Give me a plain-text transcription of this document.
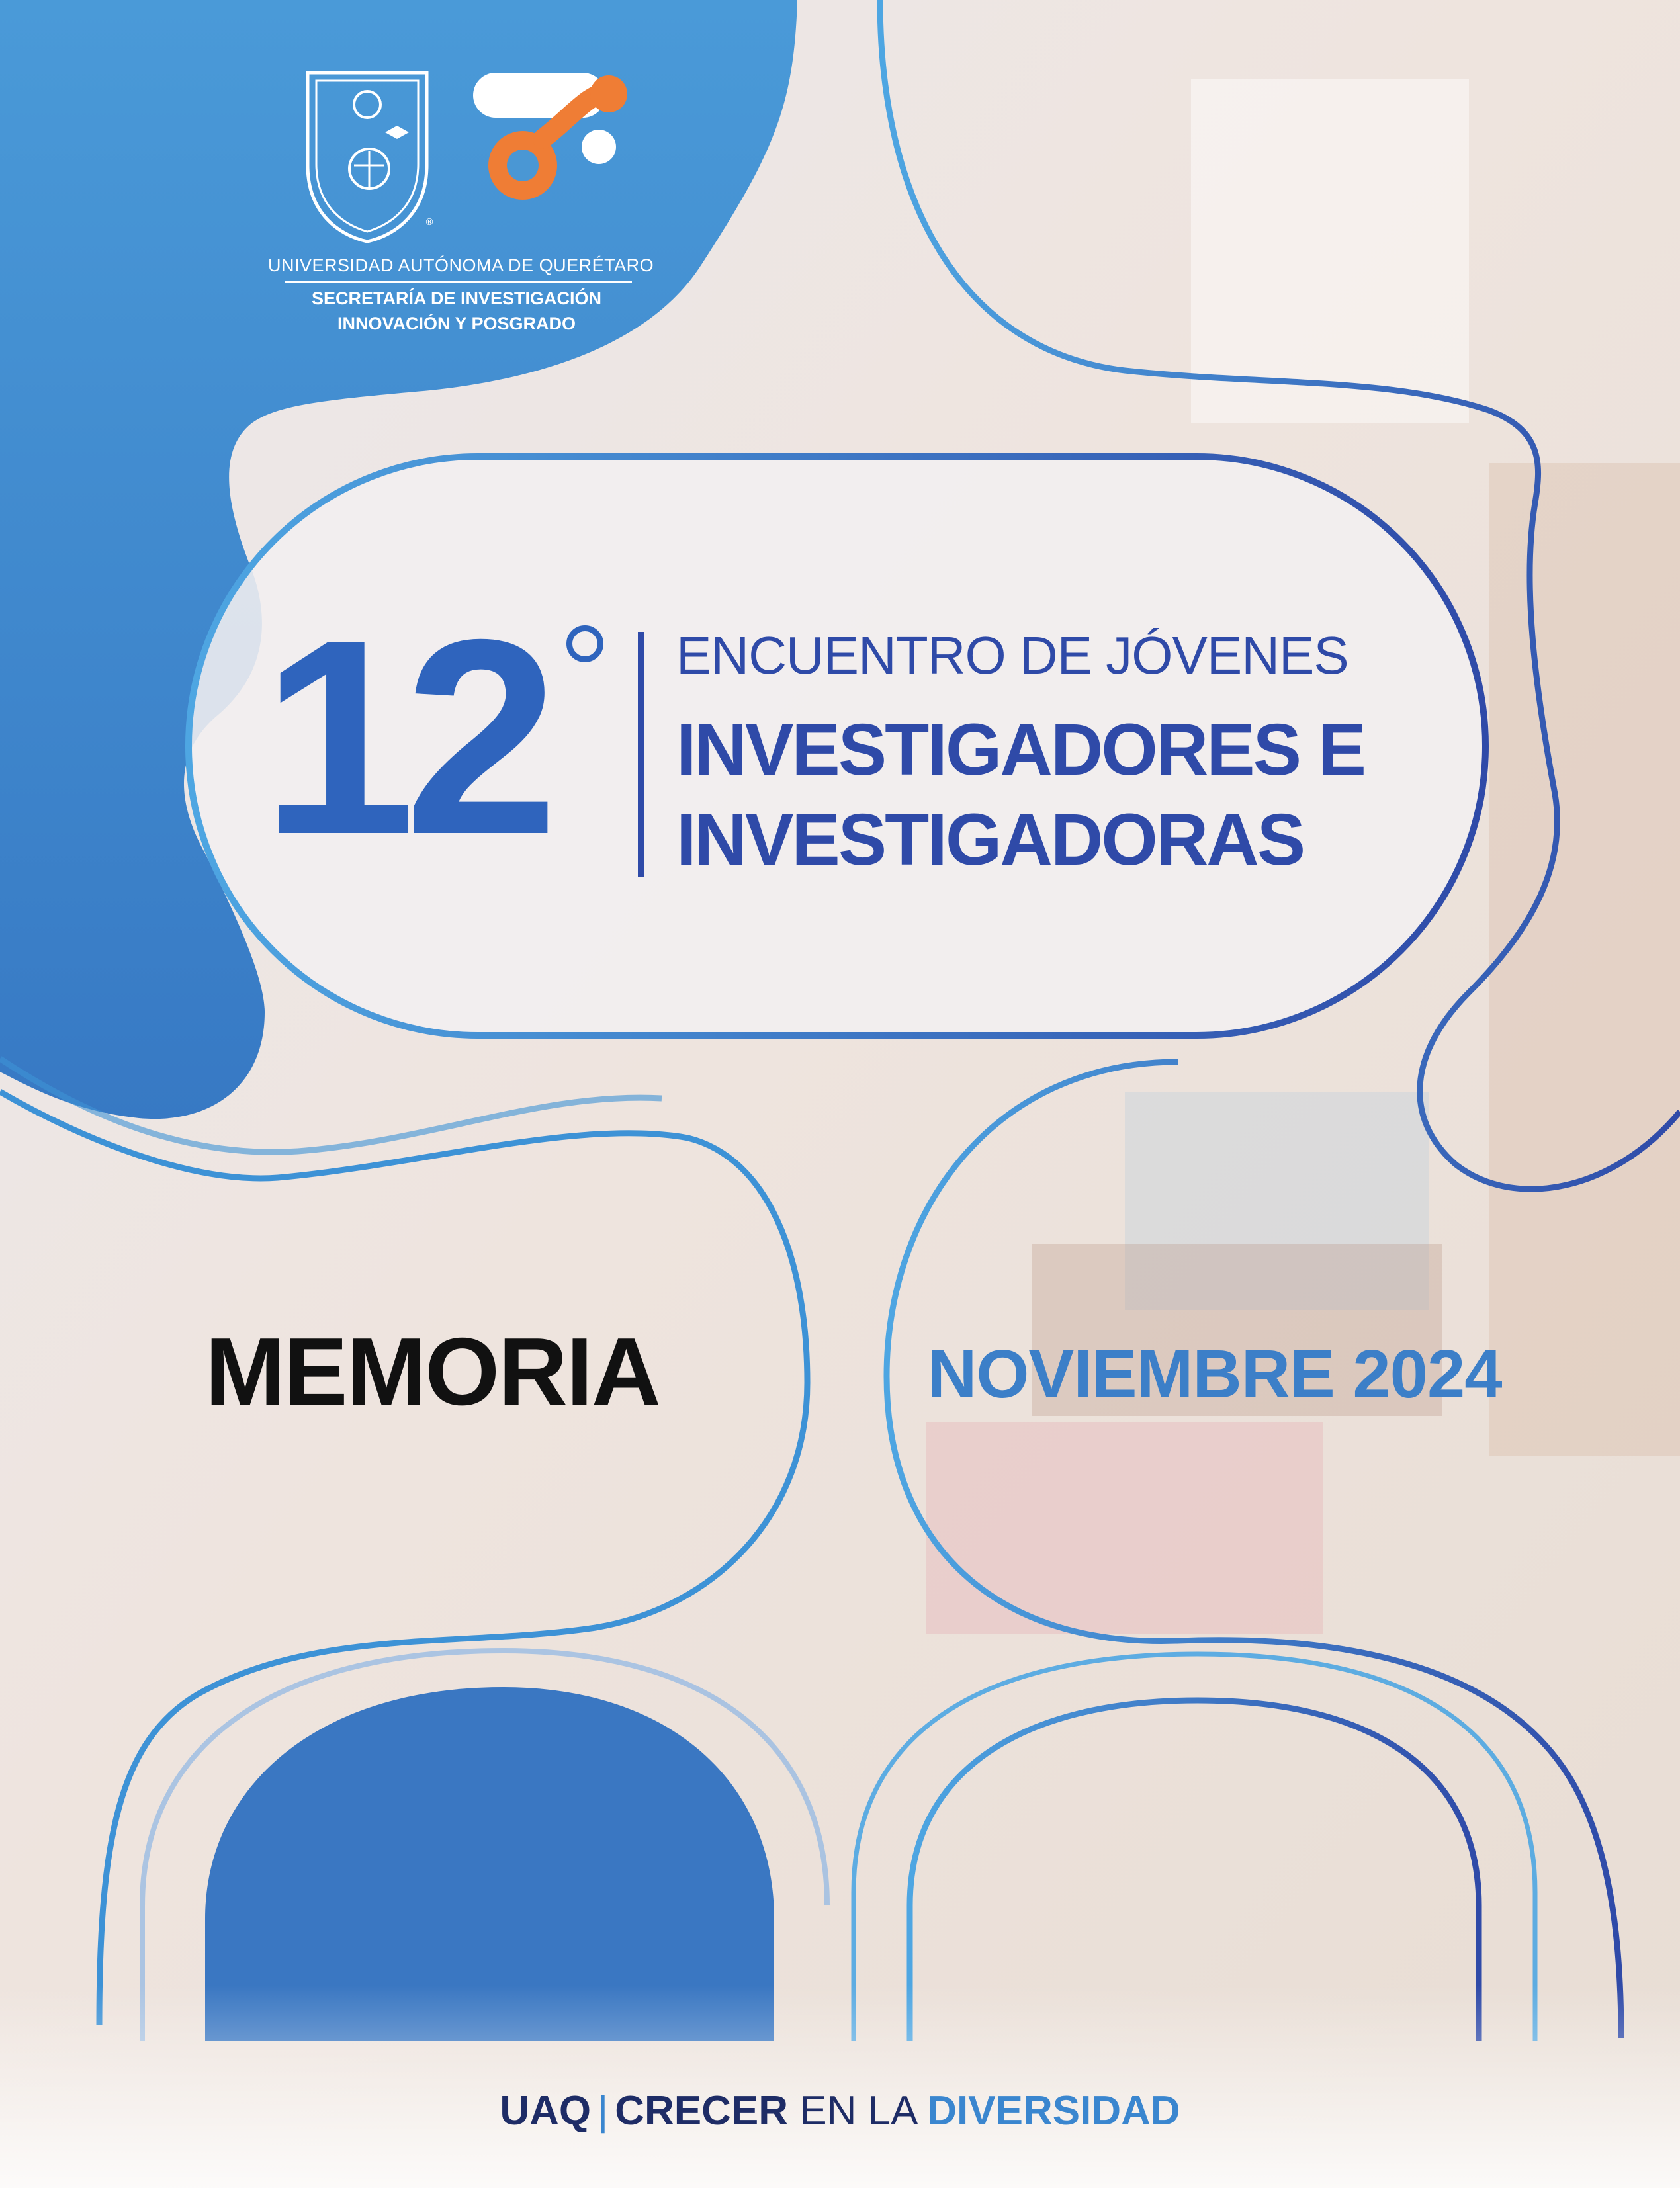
®
UNIVERSIDAD AUTÓNOMA DE QUERÉTARO
SECRETARÍA DE INVESTIGACIÓN
INNOVACIÓN Y POSGRADO
12 ENCUENTRO DE JÓVENES
INVESTIGADORES E
INVESTIGADORAS
MEMORIA	NOVIEMBRE 2024
UAQ | CRECER EN LA DIVERSIDAD
